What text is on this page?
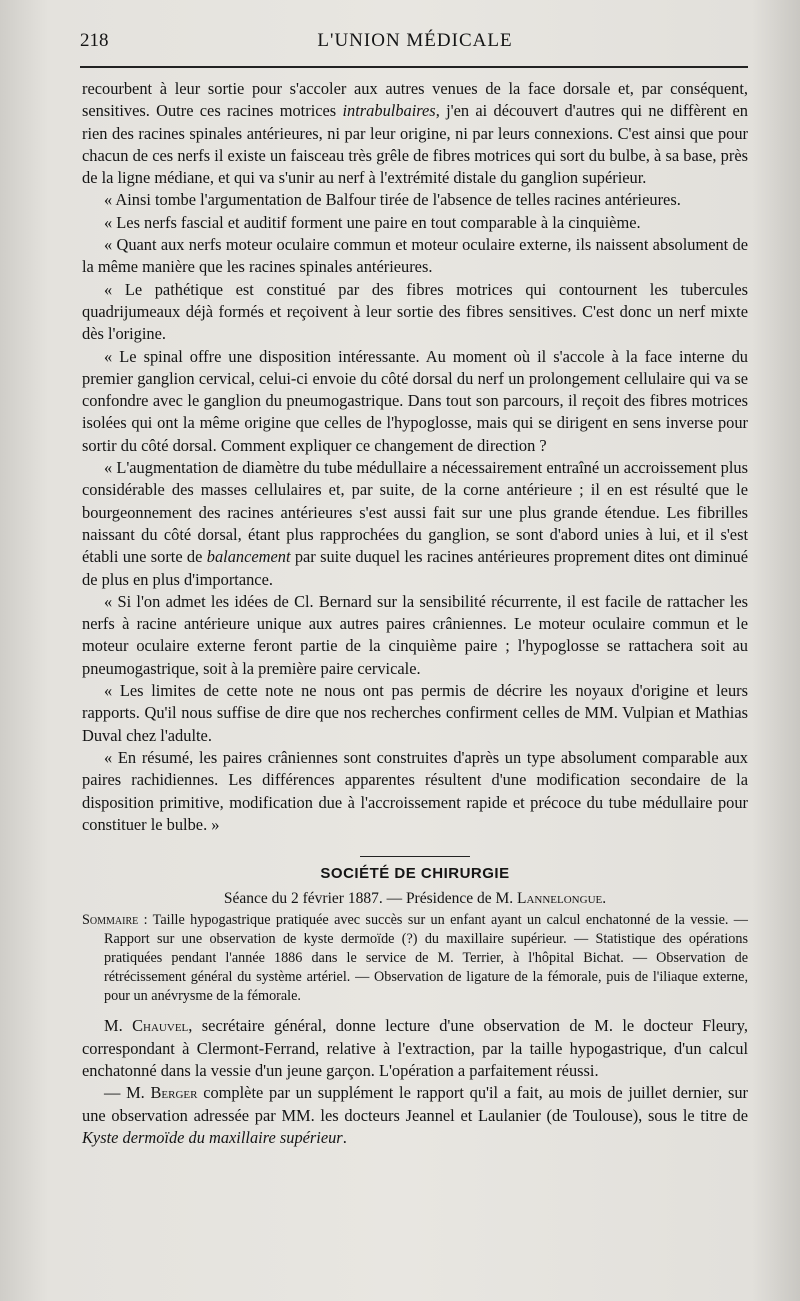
218	L'UNION MÉDICALE

recourbent à leur sortie pour s'accoler aux autres venues de la face dorsale et, par conséquent, sensitives. Outre ces racines motrices intrabulbaires, j'en ai découvert d'autres qui ne diffèrent en rien des racines spinales antérieures, ni par leur origine, ni par leurs connexions. C'est ainsi que pour chacun de ces nerfs il existe un faisceau très grêle de fibres motrices qui sort du bulbe, à sa base, près de la ligne médiane, et qui va s'unir au nerf à l'extrémité distale du ganglion supérieur.

« Ainsi tombe l'argumentation de Balfour tirée de l'absence de telles racines antérieures.

« Les nerfs fascial et auditif forment une paire en tout comparable à la cinquième.

« Quant aux nerfs moteur oculaire commun et moteur oculaire externe, ils naissent absolument de la même manière que les racines spinales antérieures.

« Le pathétique est constitué par des fibres motrices qui contournent les tubercules quadrijumeaux déjà formés et reçoivent à leur sortie des fibres sensitives. C'est donc un nerf mixte dès l'origine.

« Le spinal offre une disposition intéressante. Au moment où il s'accole à la face interne du premier ganglion cervical, celui-ci envoie du côté dorsal du nerf un prolongement cellulaire qui va se confondre avec le ganglion du pneumogastrique. Dans tout son parcours, il reçoit des fibres motrices isolées qui ont la même origine que celles de l'hypoglosse, mais qui se dirigent en sens inverse pour sortir du côté dorsal. Comment expliquer ce changement de direction ?

« L'augmentation de diamètre du tube médullaire a nécessairement entraîné un accroissement plus considérable des masses cellulaires et, par suite, de la corne antérieure ; il en est résulté que le bourgeonnement des racines antérieures s'est aussi fait sur une plus grande étendue. Les fibrilles naissant du côté dorsal, étant plus rapprochées du ganglion, se sont d'abord unies à lui, et il s'est établi une sorte de balancement par suite duquel les racines antérieures proprement dites ont diminué de plus en plus d'importance.

« Si l'on admet les idées de Cl. Bernard sur la sensibilité récurrente, il est facile de rattacher les nerfs à racine antérieure unique aux autres paires crâniennes. Le moteur oculaire commun et le moteur oculaire externe feront partie de la cinquième paire ; l'hypoglosse se rattachera soit au pneumogastrique, soit à la première paire cervicale.

« Les limites de cette note ne nous ont pas permis de décrire les noyaux d'origine et leurs rapports. Qu'il nous suffise de dire que nos recherches confirment celles de MM. Vulpian et Mathias Duval chez l'adulte.

« En résumé, les paires crâniennes sont construites d'après un type absolument comparable aux paires rachidiennes. Les différences apparentes résultent d'une modification secondaire de la disposition primitive, modification due à l'accroissement rapide et précoce du tube médullaire pour constituer le bulbe. »

SOCIÉTÉ DE CHIRURGIE
Séance du 2 février 1887. — Présidence de M. Lannelongue.
Sommaire : Taille hypogastrique pratiquée avec succès sur un enfant ayant un calcul enchatonné de la vessie. — Rapport sur une observation de kyste dermoïde (?) du maxillaire supérieur. — Statistique des opérations pratiquées pendant l'année 1886 dans le service de M. Terrier, à l'hôpital Bichat. — Observation de rétrécissement général du système artériel. — Observation de ligature de la fémorale, puis de l'iliaque externe, pour un anévrysme de la fémorale.

M. Chauvel, secrétaire général, donne lecture d'une observation de M. le docteur Fleury, correspondant à Clermont-Ferrand, relative à l'extraction, par la taille hypogastrique, d'un calcul enchatonné dans la vessie d'un jeune garçon. L'opération a parfaitement réussi.

— M. Berger complète par un supplément le rapport qu'il a fait, au mois de juillet dernier, sur une observation adressée par MM. les docteurs Jeannel et Laulanier (de Toulouse), sous le titre de Kyste dermoïde du maxillaire supérieur.
